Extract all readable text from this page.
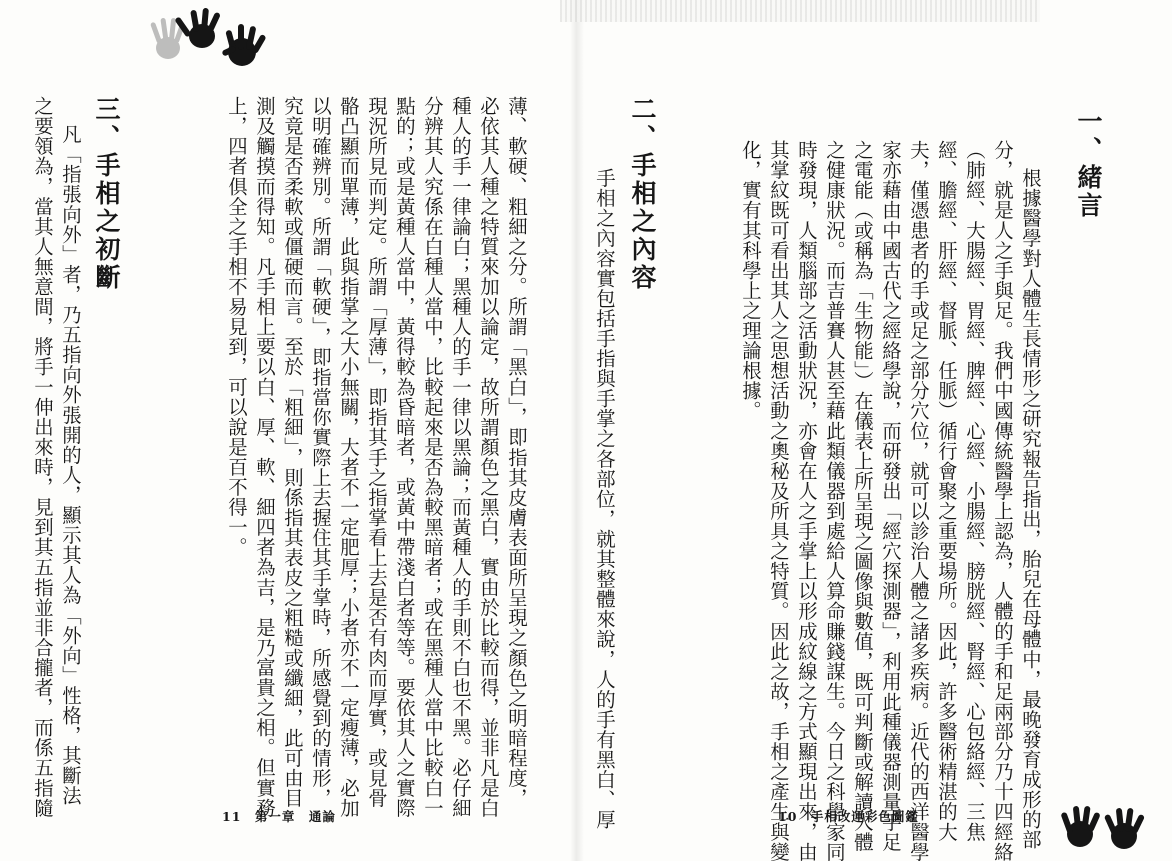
一、緒言
根據醫學對人體生長情形之研究報告指出，胎兒在母體中，最晚發育成形的部
分，就是人之手與足。我們中國傳統醫學上認為，人體的手和足兩部分乃十四經絡
（肺經、大腸經、胃經、脾經、心經、小腸經、膀胱經、腎經、心包絡經、三焦
經、膽經、肝經、督脈、任脈）循行會聚之重要場所。因此，許多醫術精湛的大
夫，僅憑患者的手或足之部分穴位，就可以診治人體之諸多疾病。近代的西洋醫學
家亦藉由中國古代之經絡學說，而研發出「經穴探測器」，利用此種儀器測量手足
之電能（或稱為「生物能」）在儀表上所呈現之圖像與數值，既可判斷或解讀人體
之健康狀況。而吉普賽人甚至藉此類儀器到處給人算命賺錢謀生。今日之科學家同
時發現，人類腦部之活動狀況，亦會在人之手掌上以形成紋線之方式顯現出來，由
其掌紋既可看出其人之思想活動之奧秘及所具之特質。因此之故，手相之產生與變
化，實有其科學上之理論根據。
二、手相之內容
手相之內容實包括手指與手掌之各部位，就其整體來說，人的手有黑白、厚	10　手相改運彩色圖鑑
薄、軟硬、粗細之分。所謂「黑白」，即指其皮膚表面所呈現之顏色之明暗程度，
必依其人種之特質來加以論定，故所謂顏色之黑白，實由於比較而得，並非凡是白
種人的手一律論白；黑種人的手一律以黑論；而黃種人的手則不白也不黑。必仔細
分辨其人究係在白種人當中，比較起來是否為較黑暗者；或在黑種人當中比較白一
點的；或是黃種人當中，黃得較為昏暗者，或黃中帶淺白者等等。要依其人之實際
現況所見而判定。所謂「厚薄」，即指其手之指掌看上去是否有肉而厚實，或見骨
骼凸顯而單薄，此與指掌之大小無關，大者不一定肥厚；小者亦不一定瘦薄，必加
以明確辨別。所謂「軟硬」，即指當你實際上去握住其手掌時，所感覺到的情形，
究竟是否柔軟或僵硬而言。至於「粗細」，則係指其表皮之粗糙或纖細，此可由目
測及觸摸而得知。凡手相上要以白、厚、軟、細四者為吉，是乃富貴之相。但實務
上，四者俱全之手相不易見到，可以說是百不得一。
三、手相之初斷
凡「指張向外」者，乃五指向外張開的人，顯示其人為「外向」性格，其斷法
之要領為，當其人無意間，將手一伸出來時，見到其五指並非合攏者，而係五指隨	11　第一章　通論
